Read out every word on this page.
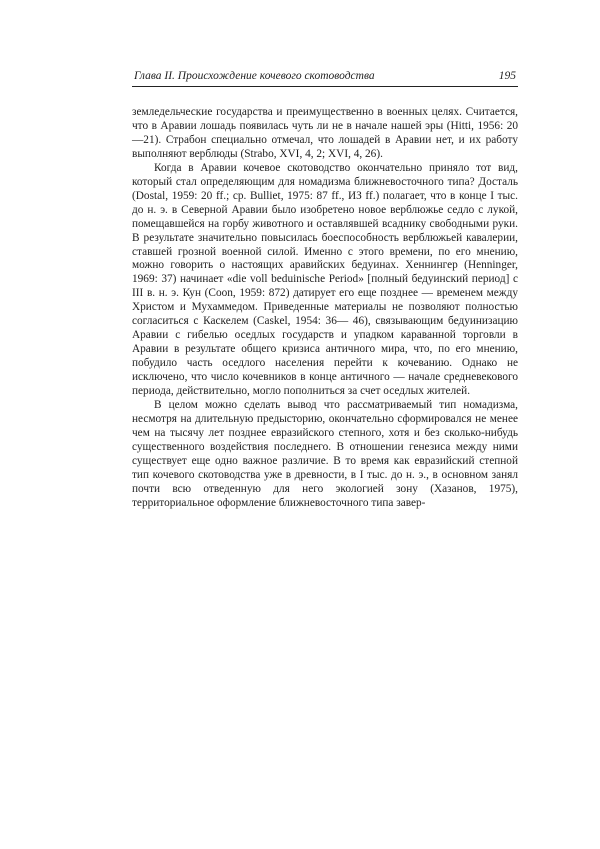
Глава II. Происхождение кочевого скотоводства	195

земледельческие государства и преимущественно в военных целях. Считается, что в Аравии лошадь появилась чуть ли не в начале нашей эры (Hitti, 1956: 20—21). Страбон специально отмечал, что лошадей в Аравии нет, и их работу выполняют верблюды (Strabo, XVI, 4, 2; XVI, 4, 26).

Когда в Аравии кочевое скотоводство окончательно приняло тот вид, который стал определяющим для номадизма ближневосточного типа? Досталь (Dostal, 1959: 20 ff.; ср. Bulliet, 1975: 87 ff., ИЗ ff.) полагает, что в конце I тыс. до н. э. в Северной Аравии было изобретено новое верблюжье седло с лукой, помещавшейся на горбу животного и оставлявшей всаднику свободными руки. В результате значительно повысилась боеспособность верблюжьей кавалерии, ставшей грозной военной силой. Именно с этого времени, по его мнению, можно говорить о настоящих аравийских бедуинах. Хеннингер (Henninger, 1969: 37) начинает «die voll beduinische Period» [полный бедуинский период] с III в. н. э. Кун (Coon, 1959: 872) датирует его еще позднее — временем между Христом и Мухаммедом. Приведенные материалы не позволяют полностью согласиться с Каскелем (Caskel, 1954: 36— 46), связывающим бедуинизацию Аравии с гибелью оседлых государств и упадком караванной торговли в Аравии в результате общего кризиса античного мира, что, по его мнению, побудило часть оседлого населения перейти к кочеванию. Однако не исключено, что число кочевников в конце античного — начале средневекового периода, действительно, могло пополниться за счет оседлых жителей.

В целом можно сделать вывод что рассматриваемый тип номадизма, несмотря на длительную предысторию, окончательно сформировался не менее чем на тысячу лет позднее евразийского степного, хотя и без сколько-нибудь существенного воздействия последнего. В отношении генезиса между ними существует еще одно важное различие. В то время как евразийский степной тип кочевого скотоводства уже в древности, в I тыс. до н. э., в основном занял почти всю отведенную для него экологией зону (Хазанов, 1975), территориальное оформление ближневосточного типа завер-
